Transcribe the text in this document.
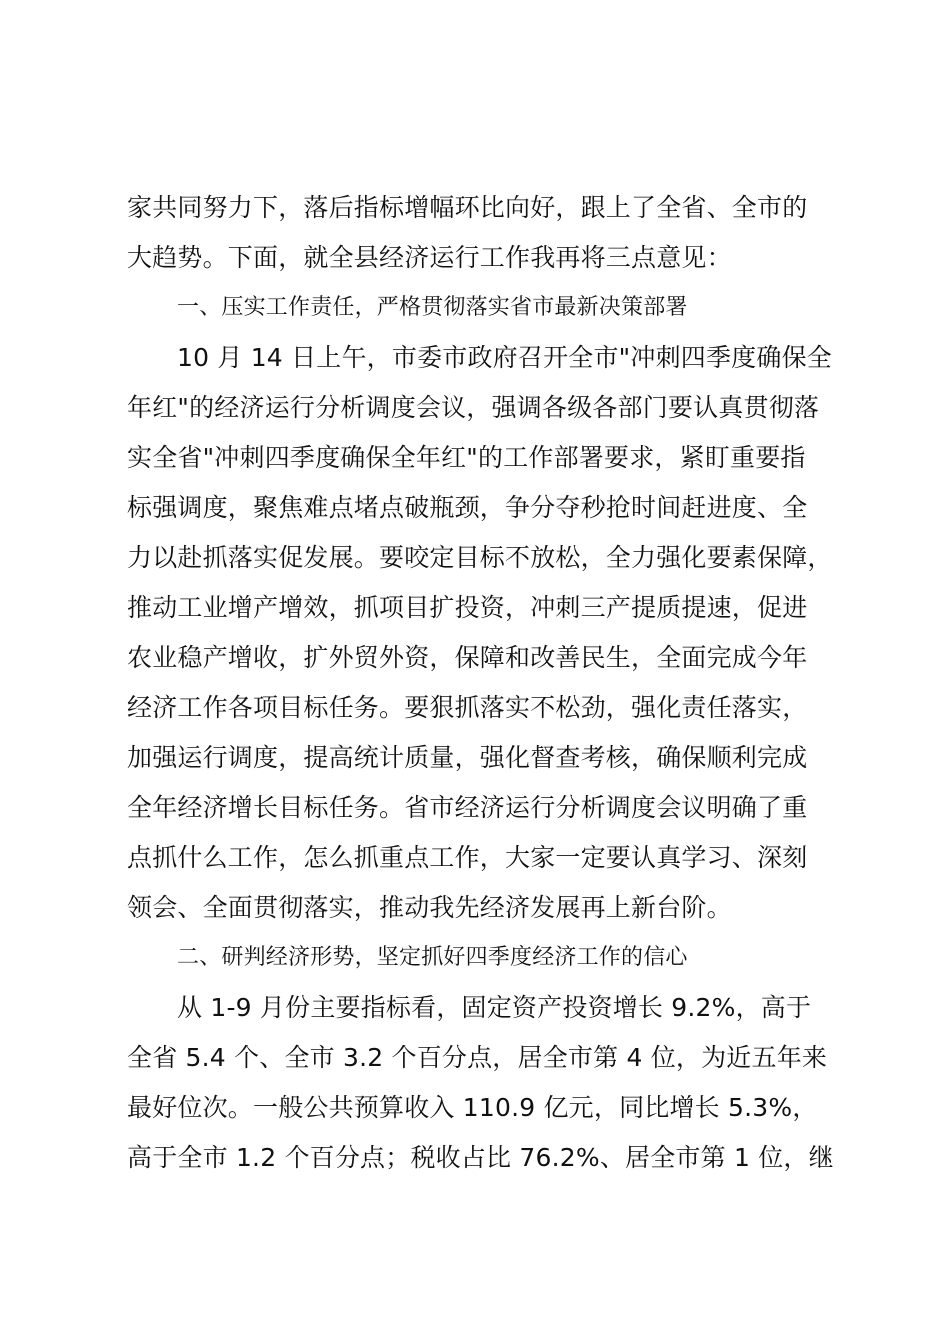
家共同努力下，落后指标增幅环比向好，跟上了全省、全市的
大趋势。下面，就全县经济运行工作我再将三点意见：
一、压实工作责任，严格贯彻落实省市最新决策部署
10 月 14 日上午，市委市政府召开全市"冲刺四季度确保全
年红"的经济运行分析调度会议，强调各级各部门要认真贯彻落
实全省"冲刺四季度确保全年红"的工作部署要求，紧盯重要指
标强调度，聚焦难点堵点破瓶颈，争分夺秒抢时间赶进度、全
力以赴抓落实促发展。要咬定目标不放松，全力强化要素保障，
推动工业增产增效，抓项目扩投资，冲刺三产提质提速，促进
农业稳产增收，扩外贸外资，保障和改善民生，全面完成今年
经济工作各项目标任务。要狠抓落实不松劲，强化责任落实，
加强运行调度，提高统计质量，强化督查考核，确保顺利完成
全年经济增长目标任务。省市经济运行分析调度会议明确了重
点抓什么工作，怎么抓重点工作，大家一定要认真学习、深刻
领会、全面贯彻落实，推动我先经济发展再上新台阶。
二、研判经济形势，坚定抓好四季度经济工作的信心
从 1-9 月份主要指标看，固定资产投资增长 9.2%，高于
全省 5.4 个、全市 3.2 个百分点，居全市第 4 位，为近五年来
最好位次。一般公共预算收入 110.9 亿元，同比增长 5.3%，
高于全市 1.2 个百分点；税收占比 76.2%、居全市第 1 位，继
